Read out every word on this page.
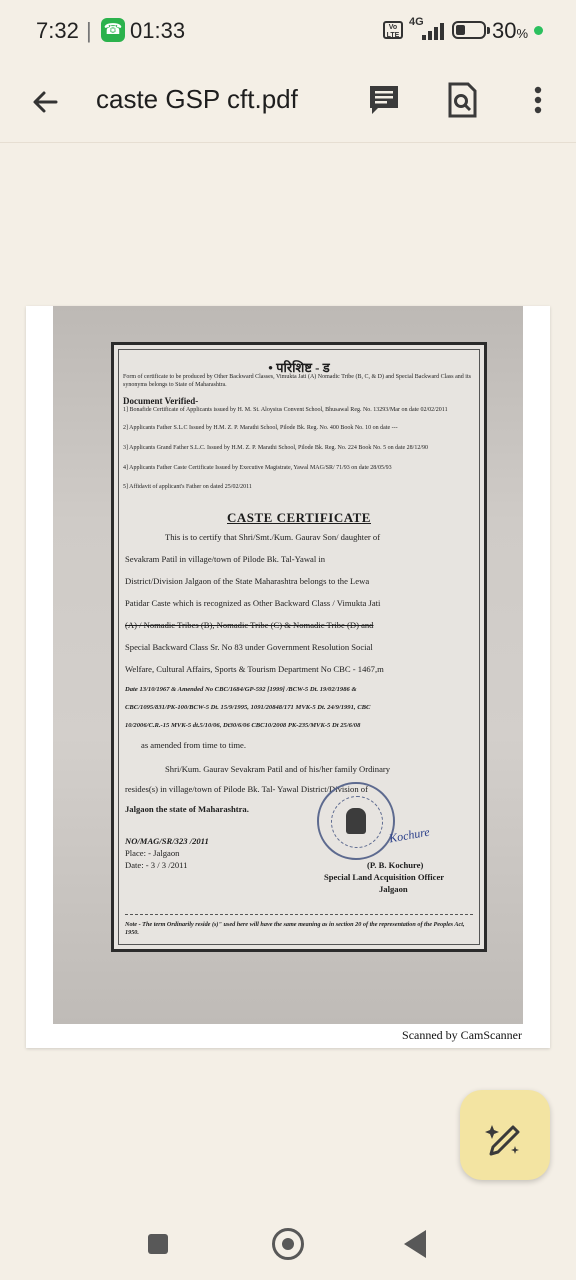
7:32 | ☎ 01:33	Vo LTE
4G	30%
caste GSP cft.pdf
• परिशिष्ट - ड
Form of certificate to be produced by Other Backward Classes, Vimukta Jati (A) Nomadic Tribe (B, C, & D) and Special Backward Class and its synonyms belongs to State of Maharashtra.
Document Verified-
1] Bonafide Certificate of Applicants issued by H. M. St. Aloysius Convent School, Bhusawal Reg. No. 13293/Mar on date 02/02/2011
2] Applicants Father S.L.C Issued by H.M. Z. P. Marathi School, Pilode Bk. Reg. No. 400 Book No. 10 on date ---
3] Applicants Grand Father S.L.C. Issued by H.M. Z. P. Marathi School, Pilode Bk. Reg. No. 224 Book No. 5 on date 28/12/90
4] Applicants Father Caste Certificate Issued by Executive Magistrate, Yawal MAG/SR/ 71/93 on date 28/05/93
5] Affidavit of applicant's Father on dated 25/02/2011
CASTE CERTIFICATE
This is to certify that Shri/Smt./Kum. Gaurav Son/ daughter of
Sevakram Patil in village/town of Pilode Bk. Tal-Yawal in
District/Division Jalgaon of the State Maharashtra belongs to the Lewa
Patidar Caste which is recognized as Other Backward Class / Vimukta Jati
(A) / Nomadic Tribes (B), Nomadic Tribe (C) & Nomadic Tribe (D) and
Special Backward Class Sr. No 83 under Government Resolution Social
Welfare, Cultural Affairs, Sports & Tourism Department No CBC - 1467,m
Date 13/10/1967 & Amended No CBC/1684/GP-592 [1999] /BCW-5 Dt. 19/02/1986 &
CBC/1095/831/PK-100/BCW-5 Dt. 15/9/1995, 1091/20848/171 MVK-5 Dt. 24/9/1991, CBC
10/2006/C.R.-15 MVK-5 dt.5/10/06, Dt30/6/06 CBC10/2008 PK-235/MVK-5 Dt 25/6/08
as amended from time to time.
Shri/Kum. Gaurav Sevakram Patil and of his/her family Ordinary
resides(s) in village/town of Pilode Bk. Tal- Yawal District/Division of
Jalgaon the state of Maharashtra.
Kochure
NO/MAG/SR/323 /2011
Place: - Jalgaon
Date: - 3 / 3 /2011	(P. B. Kochure)
Special Land Acquisition Officer
Jalgaon
Note - The term Ordinarily reside (s)" used here will have the same meaning as in section 20 of the representation of the Peoples Act, 1950.
Scanned by CamScanner
